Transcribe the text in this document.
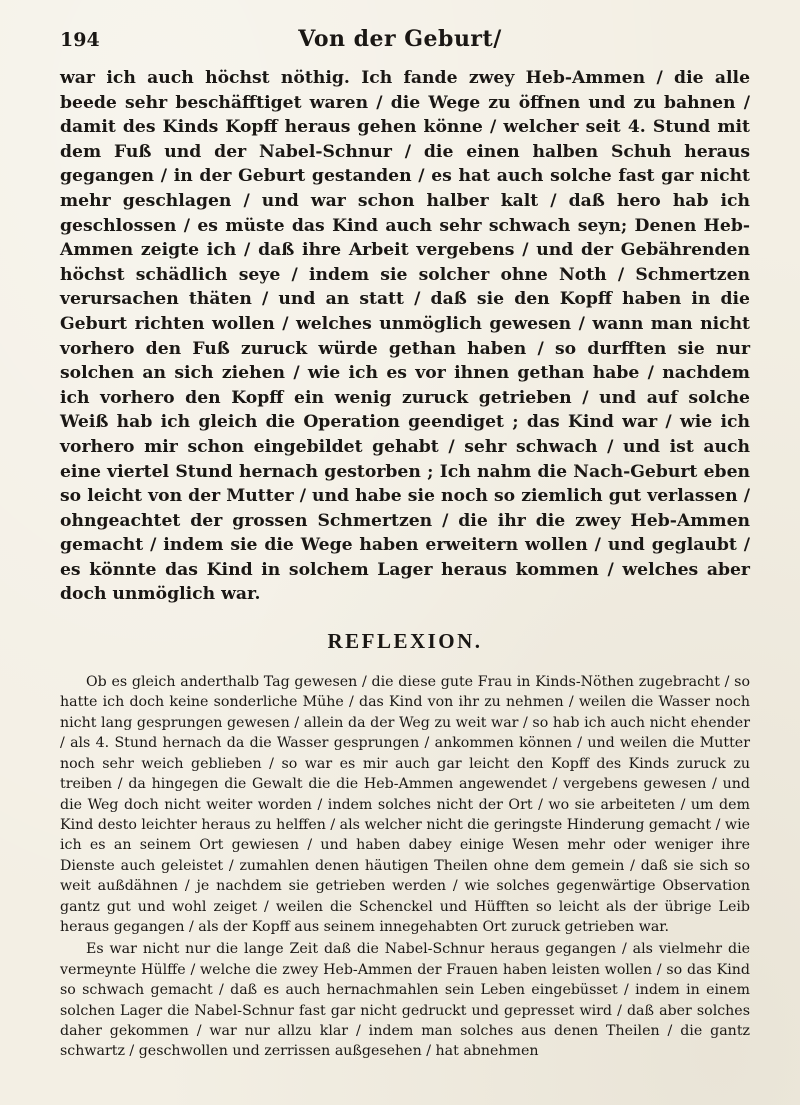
194	Von der Geburt/

war ich auch höchst nöthig. Ich fande zwey Heb-Ammen / die alle beede sehr beschäfftiget waren / die Wege zu öffnen und zu bahnen / damit des Kinds Kopff heraus gehen könne / welcher seit 4. Stund mit dem Fuß und der Nabel-Schnur / die einen halben Schuh heraus gegangen / in der Geburt gestanden / es hat auch solche fast gar nicht mehr geschlagen / und war schon halber kalt / daß hero hab ich geschlossen / es müste das Kind auch sehr schwach seyn; Denen Heb-Ammen zeigte ich / daß ihre Arbeit vergebens / und der Gebährenden höchst schädlich seye / indem sie solcher ohne Noth / Schmertzen verursachen thäten / und an statt / daß sie den Kopff haben in die Geburt richten wollen / welches unmöglich gewesen / wann man nicht vorhero den Fuß zuruck würde gethan haben / so durfften sie nur solchen an sich ziehen / wie ich es vor ihnen gethan habe / nachdem ich vorhero den Kopff ein wenig zuruck getrieben / und auf solche Weiß hab ich gleich die Operation geendiget ; das Kind war / wie ich vorhero mir schon eingebildet gehabt / sehr schwach / und ist auch eine viertel Stund hernach gestorben ; Ich nahm die Nach-Geburt eben so leicht von der Mutter / und habe sie noch so ziemlich gut verlassen / ohngeachtet der grossen Schmertzen / die ihr die zwey Heb-Ammen gemacht / indem sie die Wege haben erweitern wollen / und geglaubt / es könnte das Kind in solchem Lager heraus kommen / welches aber doch unmöglich war.

REFLEXION.

Ob es gleich anderthalb Tag gewesen / die diese gute Frau in Kinds-Nöthen zugebracht / so hatte ich doch keine sonderliche Mühe / das Kind von ihr zu nehmen / weilen die Wasser noch nicht lang gesprungen gewesen / allein da der Weg zu weit war / so hab ich auch nicht ehender / als 4. Stund hernach da die Wasser gesprungen / ankommen können / und weilen die Mutter noch sehr weich geblieben / so war es mir auch gar leicht den Kopff des Kinds zuruck zu treiben / da hingegen die Gewalt die die Heb-Ammen angewendet / vergebens gewesen / und die Weg doch nicht weiter worden / indem solches nicht der Ort / wo sie arbeiteten / um dem Kind desto leichter heraus zu helffen / als welcher nicht die geringste Hinderung gemacht / wie ich es an seinem Ort gewiesen / und haben dabey einige Wesen mehr oder weniger ihre Dienste auch geleistet / zumahlen denen häutigen Theilen ohne dem gemein / daß sie sich so weit außdähnen / je nachdem sie getrieben werden / wie solches gegenwärtige Observation gantz gut und wohl zeiget / weilen die Schenckel und Hüfften so leicht als der übrige Leib heraus gegangen / als der Kopff aus seinem innegehabten Ort zuruck getrieben war.

Es war nicht nur die lange Zeit daß die Nabel-Schnur heraus gegangen / als vielmehr die vermeynte Hülffe / welche die zwey Heb-Ammen der Frauen haben leisten wollen / so das Kind so schwach gemacht / daß es auch hernachmahlen sein Leben eingebüsset / indem in einem solchen Lager die Nabel-Schnur fast gar nicht gedruckt und gepresset wird / daß aber solches daher gekommen / war nur allzu klar / indem man solches aus denen Theilen / die gantz schwartz / geschwollen und zerrissen außgesehen / hat abnehmen
